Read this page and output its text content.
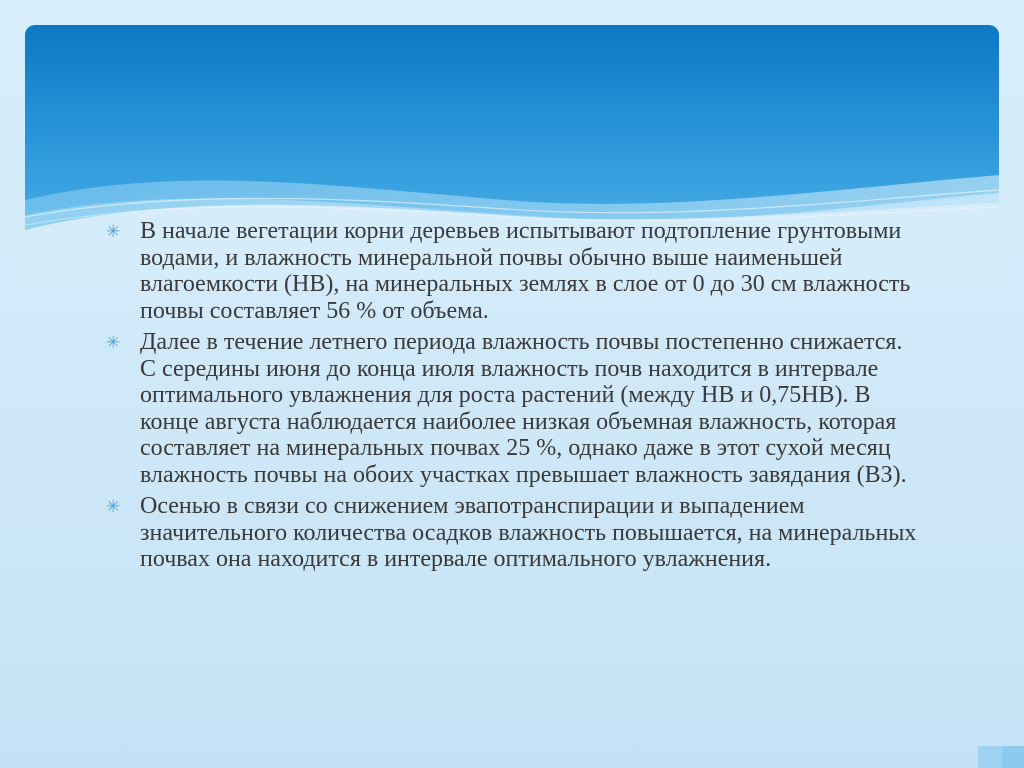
✳ В начале вегетации корни деревьев испытывают подтопление грунтовыми водами, и влажность минеральной почвы обычно выше наименьшей влагоемкости (НВ), на минеральных землях в слое от 0 до 30 см влажность почвы составляет 56 % от объема.
✳ Далее в течение летнего периода влажность почвы постепенно снижается. С середины июня до конца июля влажность почв находится в интервале оптимального увлажнения для роста растений (между НВ и 0,75НВ). В конце августа наблюдается наиболее низкая объемная влажность, которая составляет на минеральных почвах 25 %, однако даже в этот сухой месяц влажность почвы на обоих участках превышает влажность завядания (ВЗ).
✳ Осенью в связи со снижением эвапотранспирации и выпадением значительного количества осадков влажность повышается, на минеральных почвах она находится в интервале оптимального увлажнения.
